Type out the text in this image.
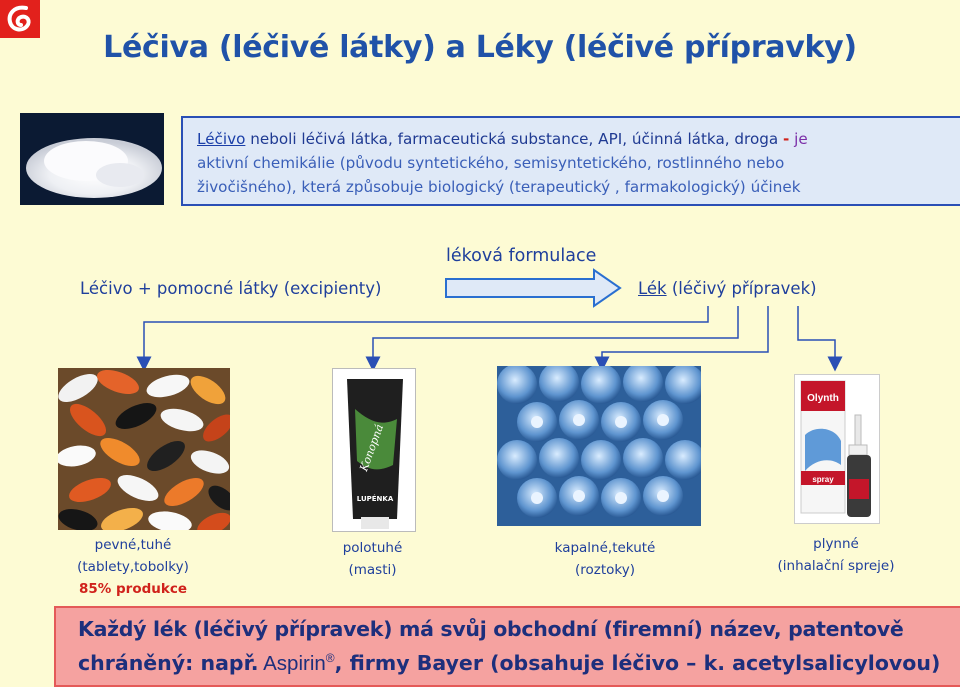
Léčiva (léčivé látky) a Léky (léčivé přípravky)
Léčivo neboli léčivá látka, farmaceutická substance, API, účinná látka, droga - je
aktivní chemikálie (původu syntetického, semisyntetického, rostlinného nebo
živočišného), která způsobuje biologický (terapeutický , farmakologický) účinek
Léčivo + pomocné látky (excipienty)
léková formulace
Lék (léčivý přípravek)
Konopná
LUPÉNKA
Olynth
spray
pevné,tuhé
(tablety,tobolky)
85% produkce
polotuhé
(masti)
kapalné,tekuté
(roztoky)
plynné
(inhalační spreje)
Každý lék (léčivý přípravek) má svůj obchodní (firemní) název, patentově
chráněný: např. Aspirin®, firmy Bayer (obsahuje léčivo – k. acetylsalicylovou)
